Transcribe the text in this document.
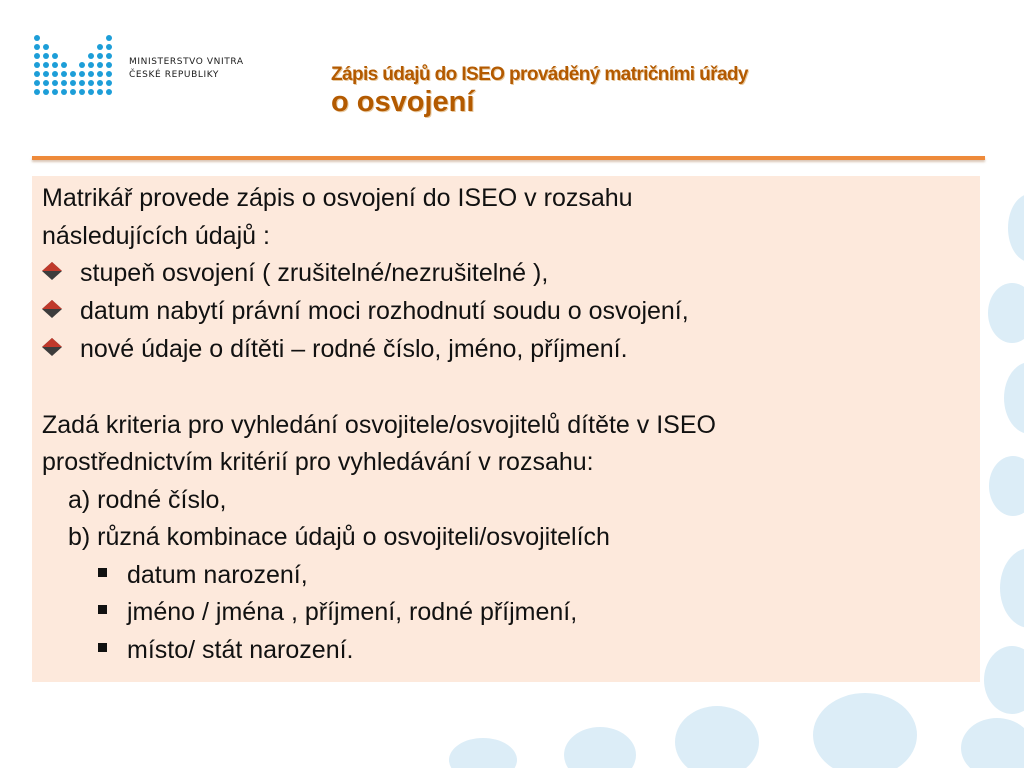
MINISTERSTVO VNITRA
ČESKÉ REPUBLIKY	Zápis údajů do ISEO prováděný matričními úřady
o osvojení
Matrikář provede zápis o osvojení do ISEO v rozsahu
následujících údajů :
stupeň osvojení ( zrušitelné/nezrušitelné ),
datum nabytí právní moci rozhodnutí soudu o osvojení,
nové údaje o dítěti – rodné číslo, jméno, příjmení.
Zadá kriteria pro vyhledání osvojitele/osvojitelů dítěte v ISEO
prostřednictvím kritérií pro vyhledávání v rozsahu:
a) rodné číslo,
b) různá kombinace údajů o osvojiteli/osvojitelích
datum narození,
jméno / jména , příjmení, rodné příjmení,
místo/ stát narození.
